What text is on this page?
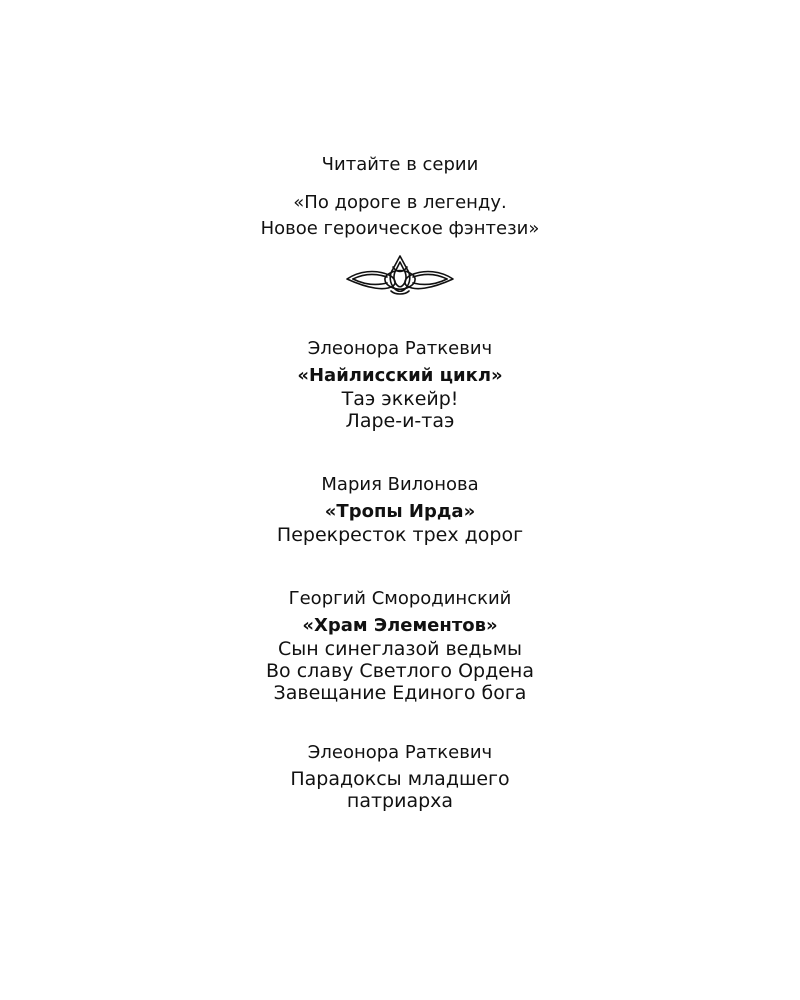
Читайте в серии
«По дороге в легенду.
Новое героическое фэнтези»
Элеонора Раткевич
«Найлисский цикл»
Таэ эккейр!
Ларе-и-таэ
Мария Вилонова
«Тропы Ирда»
Перекресток трех дорог
Георгий Смородинский
«Храм Элементов»
Сын синеглазой ведьмы
Во славу Светлого Ордена
Завещание Единого бога
Элеонора Раткевич
Парадоксы младшего
патриарха
